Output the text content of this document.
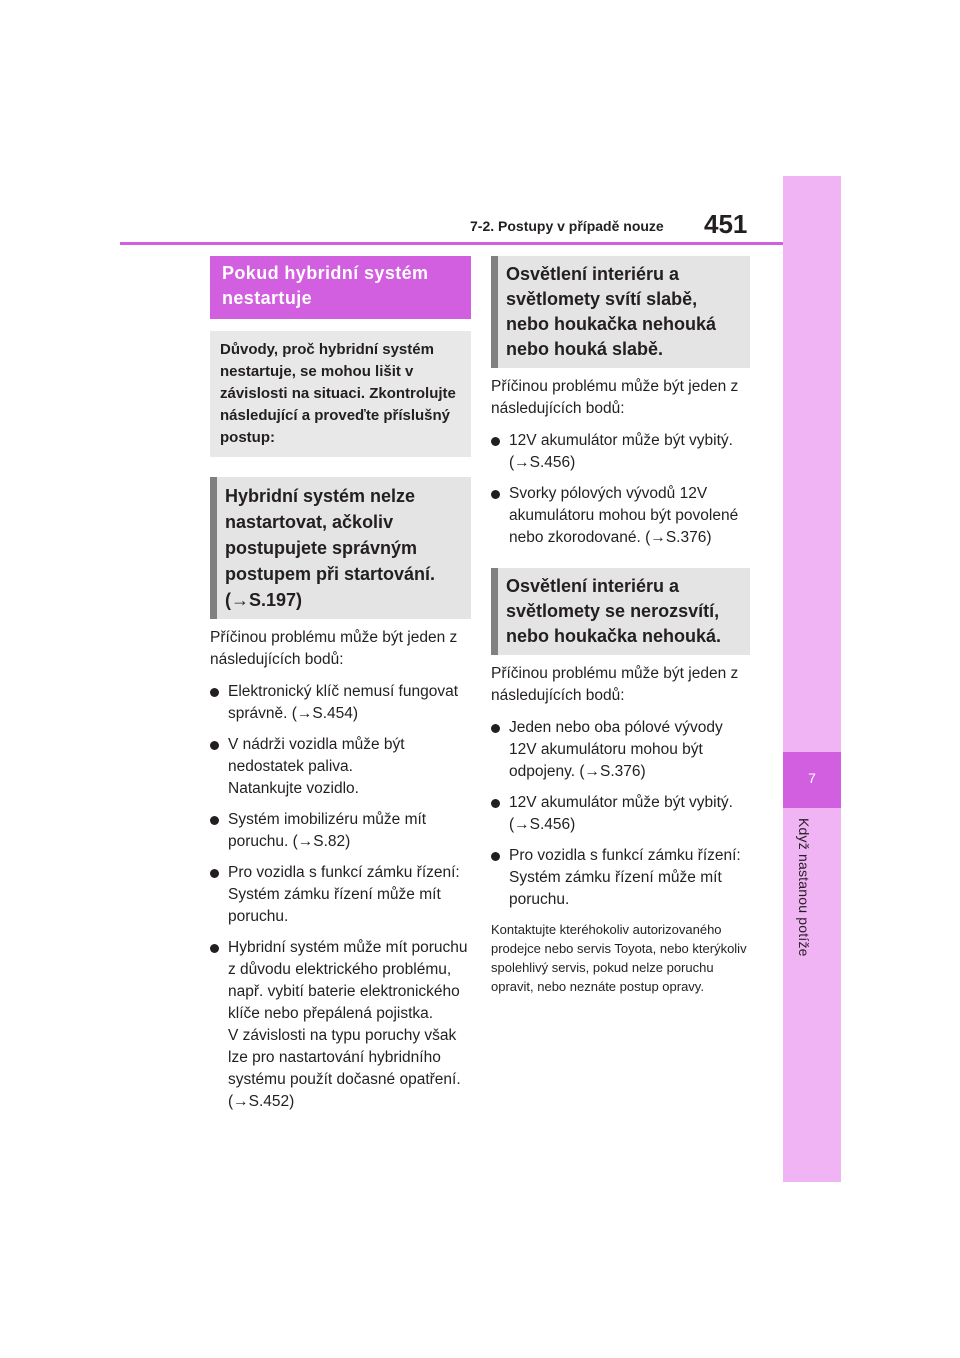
7
Když nastanou potíže
7-2. Postupy v případě nouze 451
Pokud hybridní systém nestartuje
Důvody, proč hybridní systém nestartuje, se mohou lišit v závislosti na situaci. Zkontrolujte následující a proveďte příslušný postup:
Hybridní systém nelze nastartovat, ačkoliv postupujete správným postupem při startování. (→S.197)

Příčinou problému může být jeden z následujících bodů:

Elektronický klíč nemusí fungovat správně. (→S.454)
V nádrži vozidla může být nedostatek paliva.
Natankujte vozidlo.
Systém imobilizéru může mít poruchu. (→S.82)
Pro vozidla s funkcí zámku řízení: Systém zámku řízení může mít poruchu.
Hybridní systém může mít poruchu z důvodu elektrického problému, např. vybití baterie elektronického klíče nebo přepálená pojistka.
V závislosti na typu poruchy však lze pro nastartování hybridního systému použít dočasné opatření. (→S.452)
Osvětlení interiéru a světlomety svítí slabě, nebo houkačka nehouká nebo houká slabě.

Příčinou problému může být jeden z následujících bodů:

12V akumulátor může být vybitý. (→S.456)
Svorky pólových vývodů 12V akumulátoru mohou být povolené nebo zkorodované. (→S.376)
Osvětlení interiéru a světlomety se nerozsvítí, nebo houkačka nehouká.

Příčinou problému může být jeden z následujících bodů:

Jeden nebo oba pólové vývody 12V akumulátoru mohou být odpojeny. (→S.376)
12V akumulátor může být vybitý. (→S.456)
Pro vozidla s funkcí zámku řízení: Systém zámku řízení může mít poruchu.

Kontaktujte kteréhokoliv autorizovaného prodejce nebo servis Toyota, nebo kterýkoliv spolehlivý servis, pokud nelze poruchu opravit, nebo neznáte postup opravy.
